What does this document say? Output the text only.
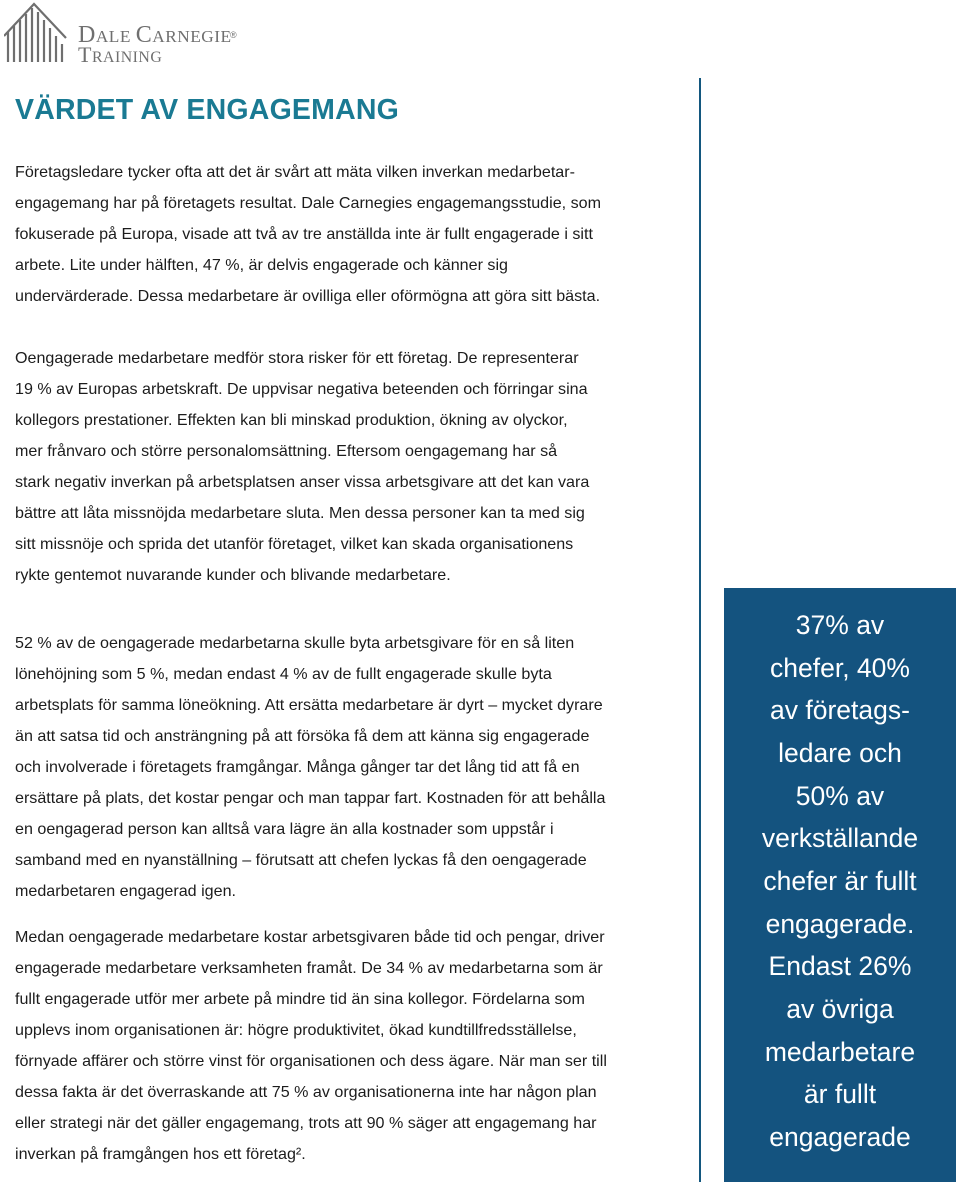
DALE CARNEGIE
®
TRAINING
VÄRDET AV ENGAGEMANG
Företagsledare tycker ofta att det är svårt att mäta vilken inverkan medarbetar-
engagemang har på företagets resultat. Dale Carnegies engagemangsstudie, som
fokuserade på Europa, visade att två av tre anställda inte är fullt engagerade i sitt
arbete. Lite under hälften, 47 %, är delvis engagerade och känner sig
undervärderade. Dessa medarbetare är ovilliga eller oförmögna att göra sitt bästa.
Oengagerade medarbetare medför stora risker för ett företag. De representerar
19 % av Europas arbetskraft. De uppvisar negativa beteenden och förringar sina
kollegors prestationer. Effekten kan bli minskad produktion, ökning av olyckor,
mer frånvaro och större personalomsättning. Eftersom oengagemang har så
stark negativ inverkan på arbetsplatsen anser vissa arbetsgivare att det kan vara
bättre att låta missnöjda medarbetare sluta. Men dessa personer kan ta med sig
sitt missnöje och sprida det utanför företaget, vilket kan skada organisationens
rykte gentemot nuvarande kunder och blivande medarbetare.
52 % av de oengagerade medarbetarna skulle byta arbetsgivare för en så liten
lönehöjning som 5 %, medan endast 4 % av de fullt engagerade skulle byta
arbetsplats för samma löneökning. Att ersätta medarbetare är dyrt – mycket dyrare
än att satsa tid och ansträngning på att försöka få dem att känna sig engagerade
och involverade i företagets framgångar. Många gånger tar det lång tid att få en
ersättare på plats, det kostar pengar och man tappar fart. Kostnaden för att behålla
en oengagerad person kan alltså vara lägre än alla kostnader som uppstår i
samband med en nyanställning – förutsatt att chefen lyckas få den oengagerade
medarbetaren engagerad igen.
Medan oengagerade medarbetare kostar arbetsgivaren både tid och pengar, driver
engagerade medarbetare verksamheten framåt. De 34 % av medarbetarna som är
fullt engagerade utför mer arbete på mindre tid än sina kollegor. Fördelarna som
upplevs inom organisationen är: högre produktivitet, ökad kundtillfredsställelse,
förnyade affärer och större vinst för organisationen och dess ägare. När man ser till
dessa fakta är det överraskande att 75 % av organisationerna inte har någon plan
eller strategi när det gäller engagemang, trots att 90 % säger att engagemang har
inverkan på framgången hos ett företag².
37% av
chefer, 40%
av företags-
ledare och
50% av
verkställande
chefer är fullt
engagerade.
Endast 26%
av övriga
medarbetare
är fullt
engagerade
